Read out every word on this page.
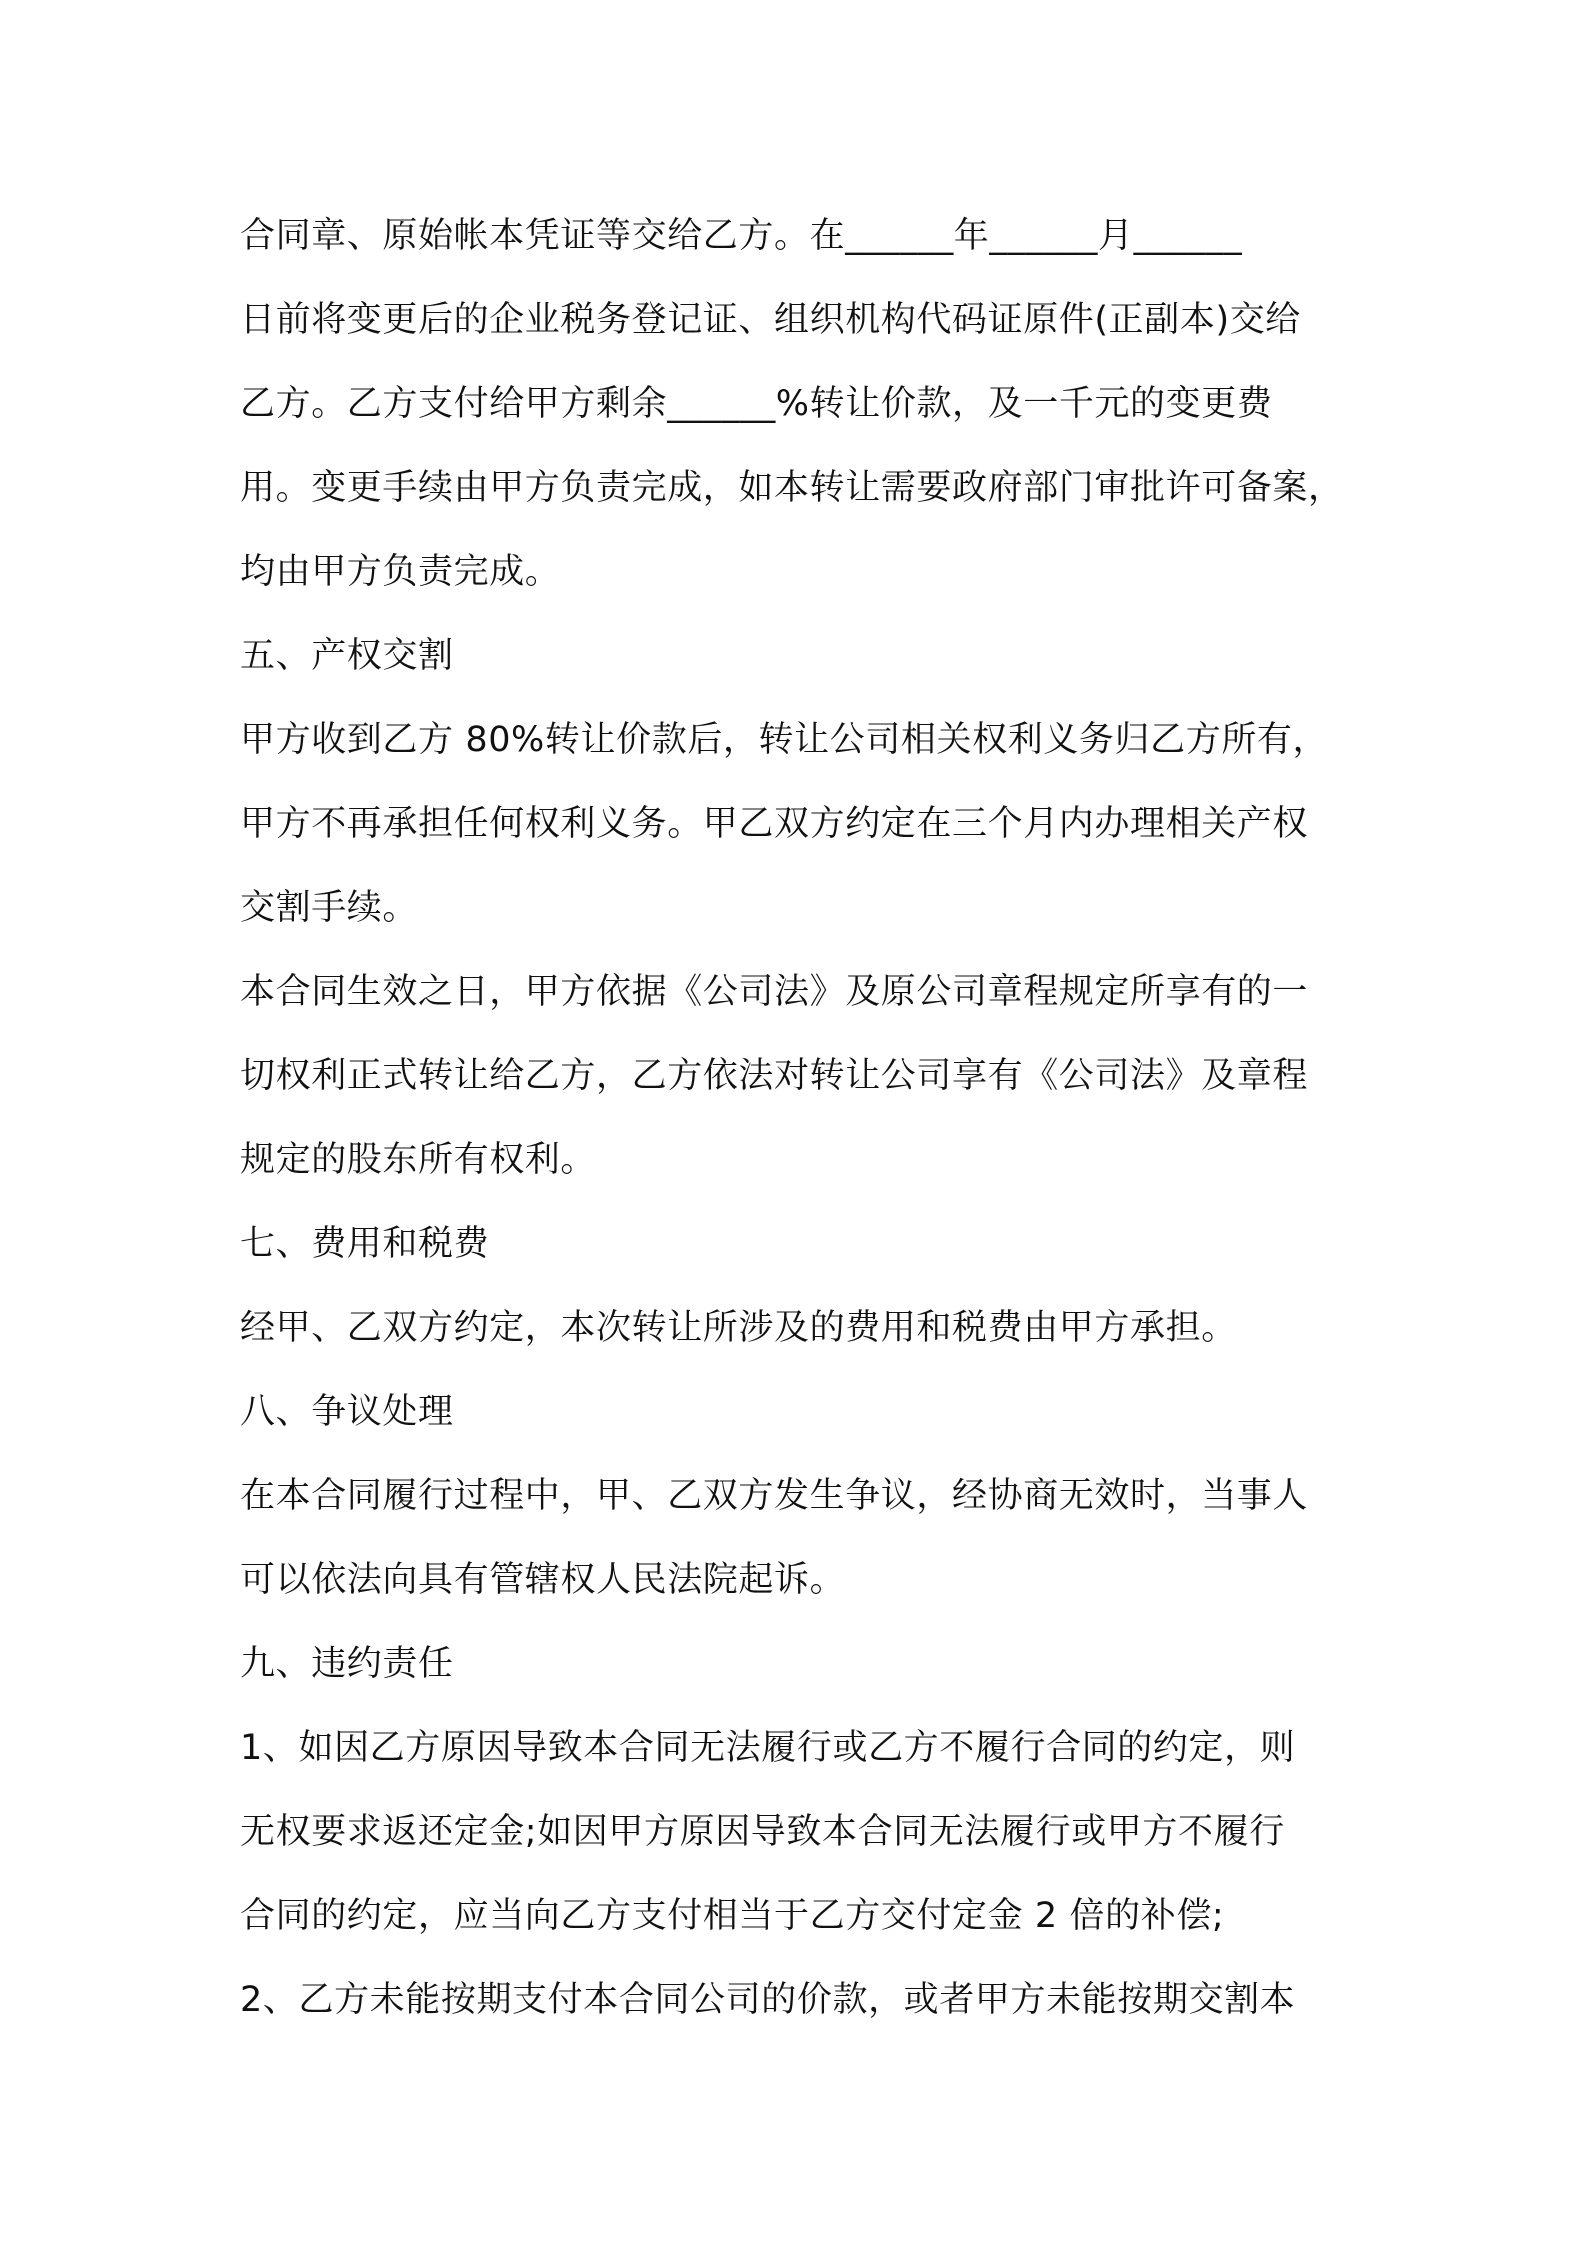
合同章、原始帐本凭证等交给乙方。在______年______月______
日前将变更后的企业税务登记证、组织机构代码证原件(正副本)交给
乙方。乙方支付给甲方剩余______%转让价款，及一千元的变更费
用。变更手续由甲方负责完成，如本转让需要政府部门审批许可备案，
均由甲方负责完成。
五、产权交割
甲方收到乙方 80%转让价款后，转让公司相关权利义务归乙方所有，
甲方不再承担任何权利义务。甲乙双方约定在三个月内办理相关产权
交割手续。
本合同生效之日，甲方依据《公司法》及原公司章程规定所享有的一
切权利正式转让给乙方，乙方依法对转让公司享有《公司法》及章程
规定的股东所有权利。
七、费用和税费
经甲、乙双方约定，本次转让所涉及的费用和税费由甲方承担。
八、争议处理
在本合同履行过程中，甲、乙双方发生争议，经协商无效时，当事人
可以依法向具有管辖权人民法院起诉。
九、违约责任
1、如因乙方原因导致本合同无法履行或乙方不履行合同的约定，则
无权要求返还定金;如因甲方原因导致本合同无法履行或甲方不履行
合同的约定，应当向乙方支付相当于乙方交付定金 2 倍的补偿;
2、乙方未能按期支付本合同公司的价款，或者甲方未能按期交割本
